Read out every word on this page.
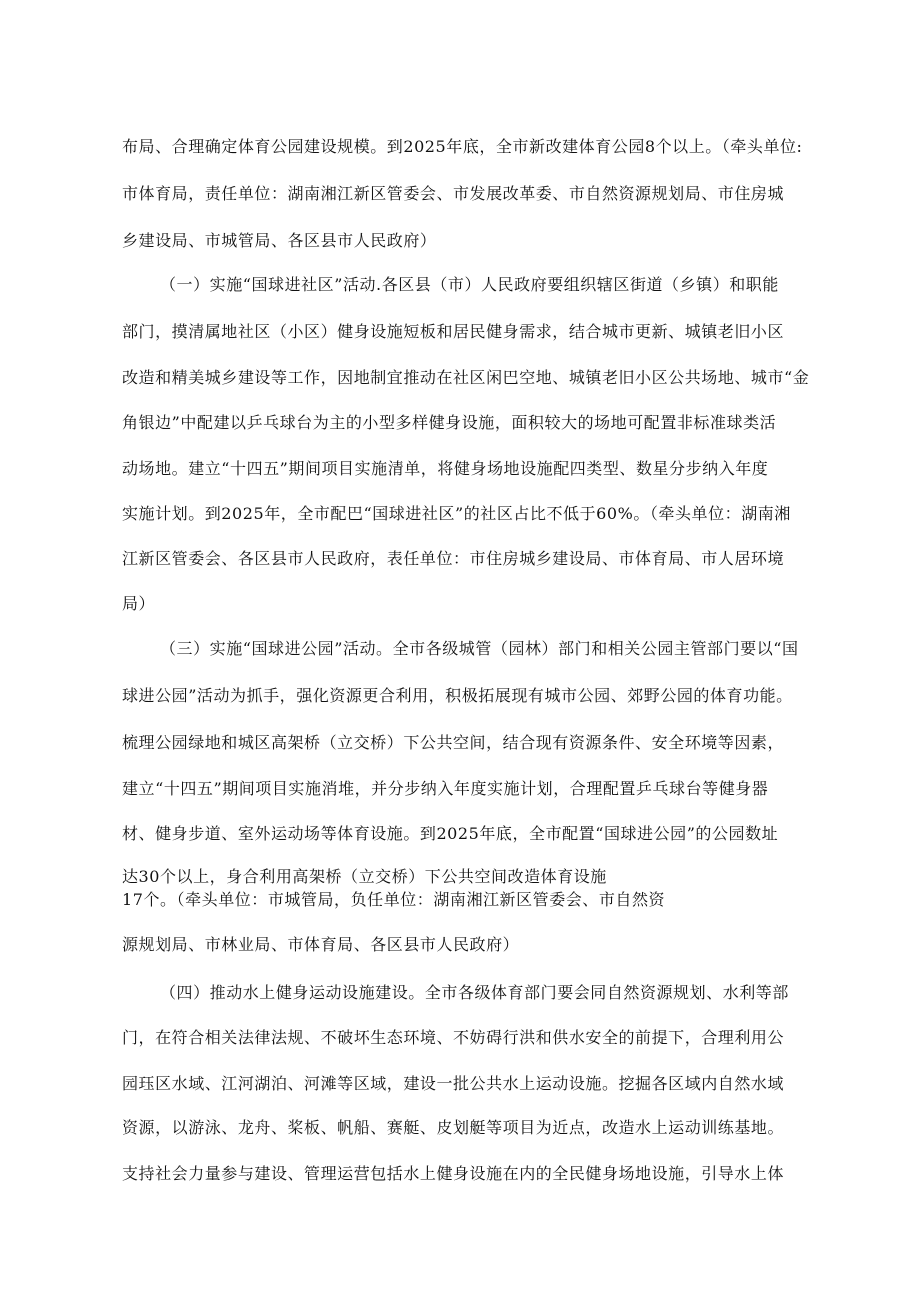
布局、合理确定体育公园建设规模。到2025年底，全市新改建体育公园8个以上。（牵头单位:
市体育局，责任单位：湖南湘江新区管委会、市发展改革委、市自然资源规划局、市住房城
乡建设局、市城管局、各区县市人民政府）
（一）实施“国球进社区”活动.各区县（市）人民政府要组织辖区街道（乡镇）和职能
部门，摸清属地社区（小区）健身设施短板和居民健身需求，结合城市更新、城镇老旧小区
改造和精美城乡建设等工作，因地制宜推动在社区闲巴空地、城镇老旧小区公共场地、城市“金
角银边”中配建以乒乓球台为主的小型多样健身设施，面积较大的场地可配置非标准球类活
动场地。建立“十四五”期间项目实施清单，将健身场地设施配四类型、数星分步纳入年度
实施计划。到2025年，全市配巴“国球进社区”的社区占比不低于60%。（牵头单位：湖南湘
江新区管委会、各区县市人民政府，表任单位：市住房城乡建设局、市体育局、市人居环境
局）
（三）实施“国球进公园”活动。全市各级城管（园林）部门和相关公园主管部门要以“国
球进公园”活动为抓手，强化资源更合利用，积极拓展现有城市公园、郊野公园的体育功能。
梳理公园绿地和城区高架桥（立交桥）下公共空间，结合现有资源条件、安全环境等因素，
建立“十四五”期间项目实施消堆，并分步纳入年度实施计划，合理配置乒乓球台等健身器
材、健身步道、室外运动场等体育设施。到2025年底，全市配置“国球进公园”的公园数址
达30个以上，身合利用高架桥（立交桥）下公共空间改造体育设施
17个。（牵头单位：市城管局，负任单位：湖南湘江新区管委会、市自然资
源规划局、市林业局、市体育局、各区县市人民政府）
（四）推动水上健身运动设施建设。全市各级体育部门要会同自然资源规划、水利等部
门，在符合相关法律法规、不破坏生态环境、不妨碍行洪和供水安全的前提下，合理利用公
园珏区水域、江河湖泊、河滩等区域，建设一批公共水上运动设施。挖掘各区域内自然水域
资源，以游泳、龙舟、桨板、帆船、赛艇、皮划艇等项目为近点，改造水上运动训练基地。
支持社会力量参与建设、管理运营包括水上健身设施在内的全民健身场地设施，引导水上体
